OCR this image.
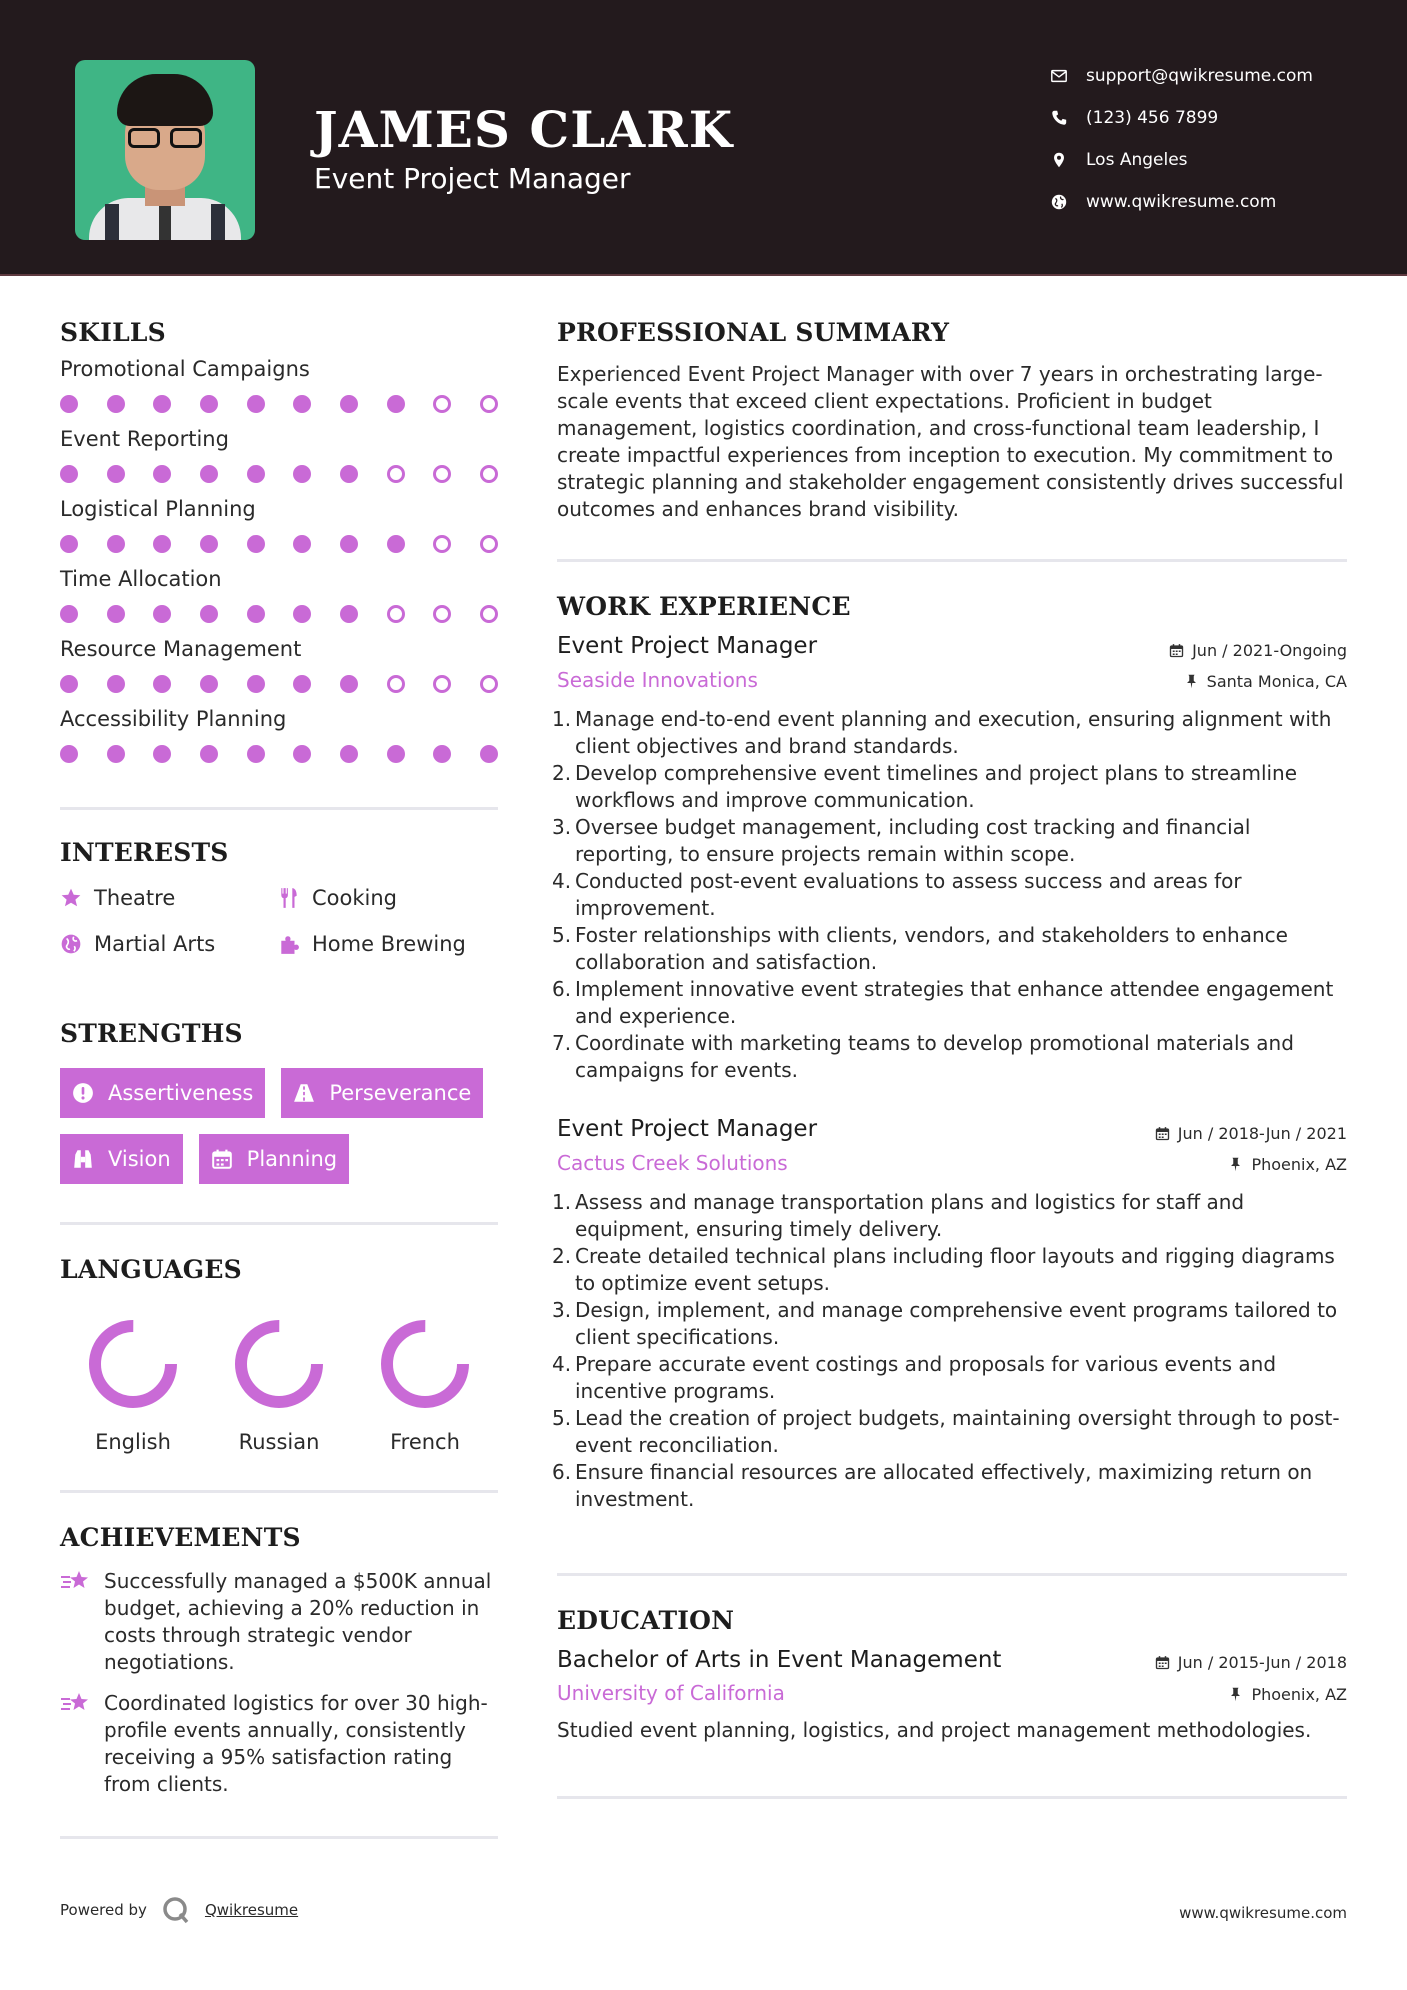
JAMES CLARK
Event Project Manager
support@qwikresume.com
(123) 456 7899
Los Angeles
www.qwikresume.com
SKILLS
Promotional Campaigns
Event Reporting
Logistical Planning
Time Allocation
Resource Management
Accessibility Planning
INTERESTS
Theatre	Cooking
Martial Arts	Home Brewing
STRENGTHS
Assertiveness	Perseverance
Vision	Planning
LANGUAGES
English	Russian	French
ACHIEVEMENTS
Successfully managed a $500K annual budget, achieving a 20% reduction in costs through strategic vendor negotiations.
Coordinated logistics for over 30 high-profile events annually, consistently receiving a 95% satisfaction rating from clients.
PROFESSIONAL SUMMARY
Experienced Event Project Manager with over 7 years in orchestrating large-scale events that exceed client expectations. Proficient in budget management, logistics coordination, and cross-functional team leadership, I create impactful experiences from inception to execution. My commitment to strategic planning and stakeholder engagement consistently drives successful outcomes and enhances brand visibility.
WORK EXPERIENCE
Event Project Manager	Jun / 2021-Ongoing
Seaside Innovations	Santa Monica, CA
1. Manage end-to-end event planning and execution, ensuring alignment with client objectives and brand standards.
2. Develop comprehensive event timelines and project plans to streamline workflows and improve communication.
3. Oversee budget management, including cost tracking and financial reporting, to ensure projects remain within scope.
4. Conducted post-event evaluations to assess success and areas for improvement.
5. Foster relationships with clients, vendors, and stakeholders to enhance collaboration and satisfaction.
6. Implement innovative event strategies that enhance attendee engagement and experience.
7. Coordinate with marketing teams to develop promotional materials and campaigns for events.
Event Project Manager	Jun / 2018-Jun / 2021
Cactus Creek Solutions	Phoenix, AZ
1. Assess and manage transportation plans and logistics for staff and equipment, ensuring timely delivery.
2. Create detailed technical plans including floor layouts and rigging diagrams to optimize event setups.
3. Design, implement, and manage comprehensive event programs tailored to client specifications.
4. Prepare accurate event costings and proposals for various events and incentive programs.
5. Lead the creation of project budgets, maintaining oversight through to post-event reconciliation.
6. Ensure financial resources are allocated effectively, maximizing return on investment.
EDUCATION
Bachelor of Arts in Event Management	Jun / 2015-Jun / 2018
University of California	Phoenix, AZ
Studied event planning, logistics, and project management methodologies.
Powered by	Qwikresume	www.qwikresume.com
